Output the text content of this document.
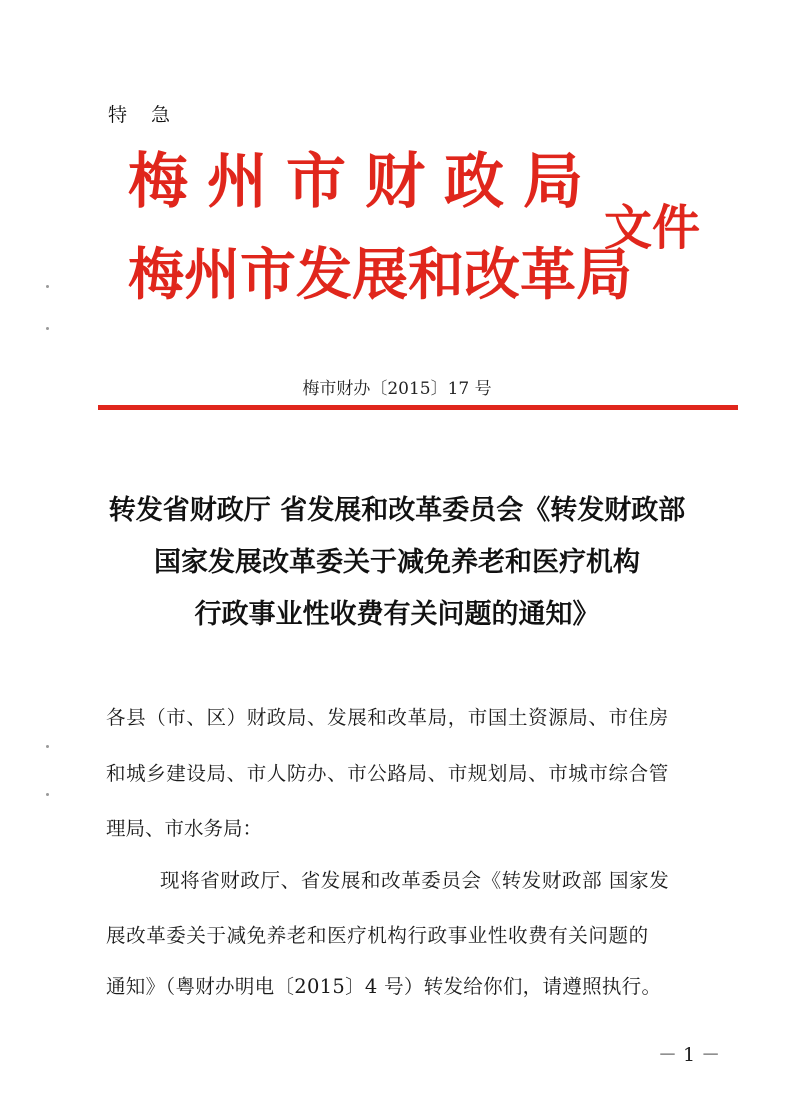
特急
梅州市财政局
梅州市发展和改革局
文件
梅市财办〔2015〕17 号
转发省财政厅 省发展和改革委员会《转发财政部
国家发展改革委关于减免养老和医疗机构
行政事业性收费有关问题的通知》
各县（市、区）财政局、发展和改革局，市国土资源局、市住房
和城乡建设局、市人防办、市公路局、市规划局、市城市综合管
理局、市水务局：
现将省财政厅、省发展和改革委员会《转发财政部 国家发
展改革委关于减免养老和医疗机构行政事业性收费有关问题的
通知》（粤财办明电〔2015〕4 号）转发给你们，请遵照执行。
－ 1 －
